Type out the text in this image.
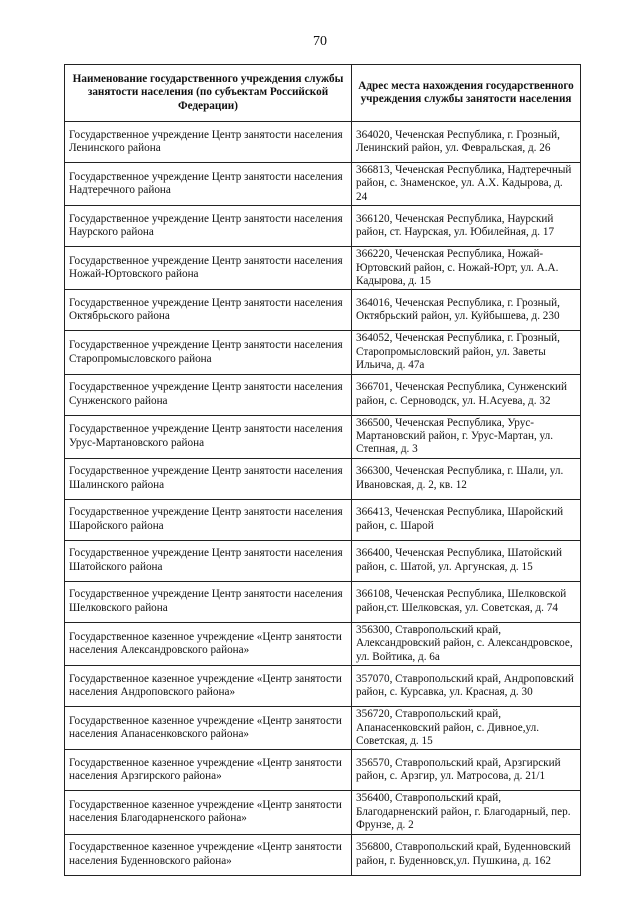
70
Наименование государственного учреждения службы занятости населения (по субъектам Российской Федерации)	Адрес места нахождения государственного учреждения службы занятости населения
Государственное учреждение Центр занятости населения Ленинского района	364020, Чеченская Республика, г. Грозный, Ленинский район, ул. Февральская, д. 26
Государственное учреждение Центр занятости населения Надтеречного района	366813, Чеченская Республика, Надтеречный район, с. Знаменское, ул. А.Х. Кадырова, д. 24
Государственное учреждение Центр занятости населения Наурского района	366120, Чеченская Республика, Наурский район, ст. Наурская, ул. Юбилейная, д. 17
Государственное учреждение Центр занятости населения Ножай-Юртовского района	366220, Чеченская Республика, Ножай-Юртовский район, с. Ножай-Юрт, ул. А.А. Кадырова, д. 15
Государственное учреждение Центр занятости населения Октябрьского района	364016, Чеченская Республика, г. Грозный, Октябрьский район, ул. Куйбышева, д. 230
Государственное учреждение Центр занятости населения Старопромысловского района	364052, Чеченская Республика, г. Грозный, Старопромысловский район, ул. Заветы Ильича, д. 47а
Государственное учреждение Центр занятости населения Сунженского района	366701, Чеченская Республика, Сунженский район, с. Серноводск, ул. Н.Асуева, д. 32
Государственное учреждение Центр занятости населения Урус-Мартановского района	366500, Чеченская Республика, Урус-Мартановский район, г. Урус-Мартан, ул. Степная, д. 3
Государственное учреждение Центр занятости населения Шалинского района	366300, Чеченская Республика, г. Шали, ул. Ивановская, д. 2, кв. 12
Государственное учреждение Центр занятости населения Шаройского района	366413, Чеченская Республика, Шаройский район, с. Шарой
Государственное учреждение Центр занятости населения Шатойского района	366400, Чеченская Республика, Шатойский район, с. Шатой, ул. Аргунская, д. 15
Государственное учреждение Центр занятости населения Шелковского района	366108, Чеченская Республика, Шелковской район,ст. Шелковская, ул. Советская, д. 74
Государственное казенное учреждение «Центр занятости населения Александровского района»	356300, Ставропольский край, Александровский район, с. Александровское, ул. Войтика, д. 6а
Государственное казенное учреждение «Центр занятости населения Андроповского района»	357070, Ставропольский край, Андроповский район, с. Курсавка, ул. Красная, д. 30
Государственное казенное учреждение «Центр занятости населения Апанасенковского района»	356720, Ставропольский край, Апанасенковский район, с. Дивное,ул. Советская, д. 15
Государственное казенное учреждение «Центр занятости населения Арзгирского района»	356570, Ставропольский край, Арзгирский район, с. Арзгир, ул. Матросова, д. 21/1
Государственное казенное учреждение «Центр занятости населения Благодарненского района»	356400, Ставропольский край, Благодарненский район, г. Благодарный, пер. Фрунзе, д. 2
Государственное казенное учреждение «Центр занятости населения Буденновского района»	356800, Ставропольский край, Буденновский район, г. Буденновск,ул. Пушкина, д. 162
